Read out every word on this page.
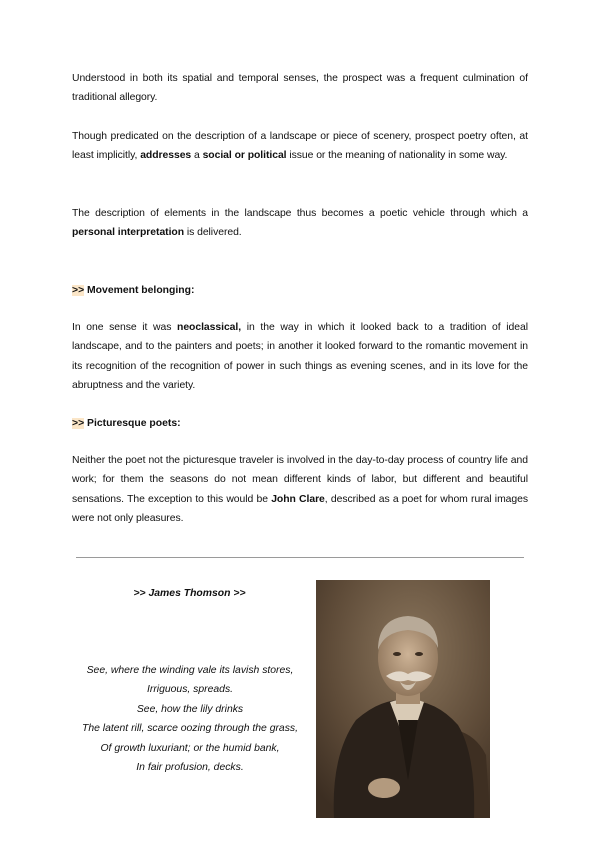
Understood in both its spatial and temporal senses, the prospect was a frequent culmination of traditional allegory.

Though predicated on the description of a landscape or piece of scenery, prospect poetry often, at least implicitly, addresses a social or political issue or the meaning of nationality in some way.

The description of elements in the landscape thus becomes a poetic vehicle through which a personal interpretation is delivered.

>> Movement belonging:

In one sense it was neoclassical, in the way in which it looked back to a tradition of ideal landscape, and to the painters and poets; in another it looked forward to the romantic movement in its recognition of the recognition of power in such things as evening scenes, and in its love for the abruptness and the variety.

>> Picturesque poets:

Neither the poet not the picturesque traveler is involved in the day-to-day process of country life and work; for them the seasons do not mean different kinds of labor, but different and beautiful sensations. The exception to this would be John Clare, described as a poet for whom rural images were not only pleasures.

>> James Thomson >>
See, where the winding vale its lavish stores,
Irriguous, spreads.
See, how the lily drinks
The latent rill, scarce oozing through the grass,
Of growth luxuriant; or the humid bank,
In fair profusion, decks.
